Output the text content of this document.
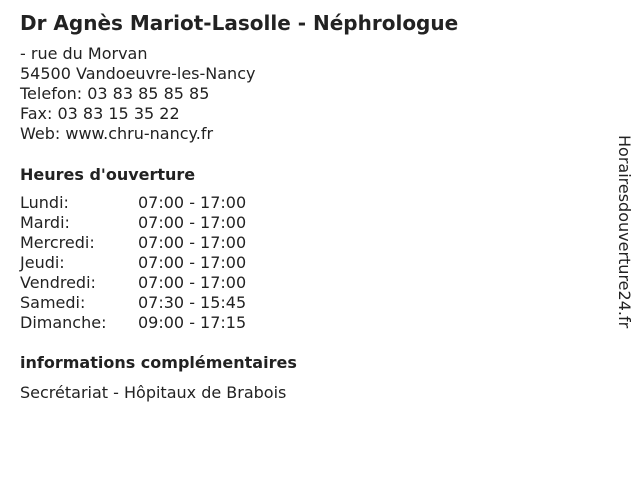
Dr Agnès Mariot-Lasolle - Néphrologue
- rue du Morvan
54500 Vandoeuvre-les-Nancy
Telefon: 03 83 85 85 85
Fax: 03 83 15 35 22
Web: www.chru-nancy.fr
Heures d'ouverture
Lundi:	07:00 - 17:00
Mardi:	07:00 - 17:00
Mercredi:	07:00 - 17:00
Jeudi:	07:00 - 17:00
Vendredi:	07:00 - 17:00
Samedi:	07:30 - 15:45
Dimanche:	09:00 - 17:15
informations complémentaires
Secrétariat - Hôpitaux de Brabois
Horairesdouverture24.fr
